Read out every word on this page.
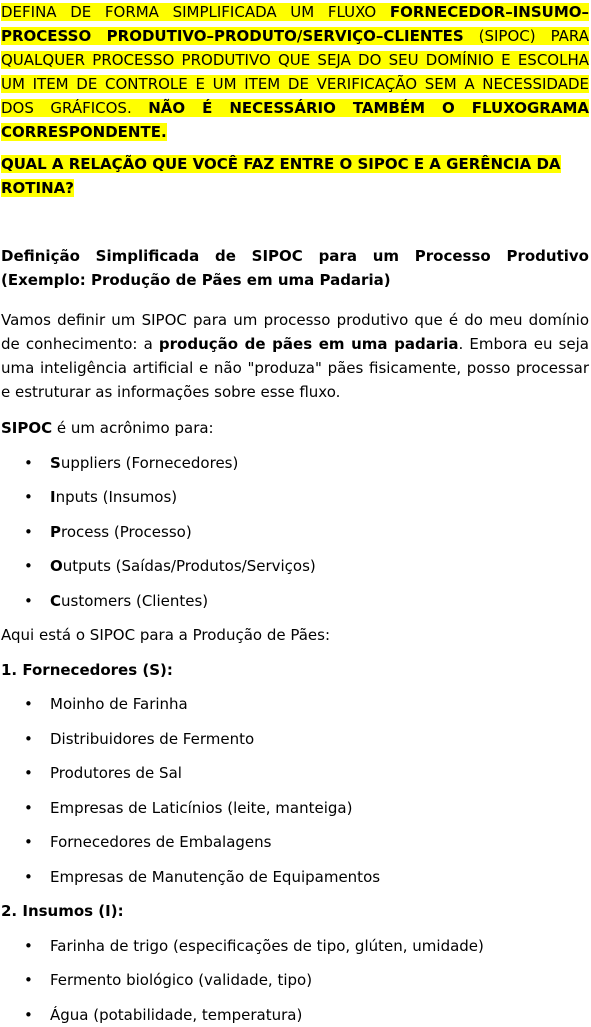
DEFINA DE FORMA SIMPLIFICADA UM FLUXO FORNECEDOR–INSUMO–PROCESSO PRODUTIVO–PRODUTO/SERVIÇO–CLIENTES (SIPOC) PARA QUALQUER PROCESSO PRODUTIVO QUE SEJA DO SEU DOMÍNIO E ESCOLHA UM ITEM DE CONTROLE E UM ITEM DE VERIFICAÇÃO SEM A NECESSIDADE DOS GRÁFICOS. NÃO É NECESSÁRIO TAMBÉM O FLUXOGRAMA CORRESPONDENTE.

QUAL A RELAÇÃO QUE VOCÊ FAZ ENTRE O SIPOC E A GERÊNCIA DA ROTINA?

Definição Simplificada de SIPOC para um Processo Produtivo (Exemplo: Produção de Pães em uma Padaria)

Vamos definir um SIPOC para um processo produtivo que é do meu domínio de conhecimento: a produção de pães em uma padaria. Embora eu seja uma inteligência artificial e não "produza" pães fisicamente, posso processar e estruturar as informações sobre esse fluxo.

SIPOC é um acrônimo para:

• Suppliers (Fornecedores)
• Inputs (Insumos)
• Process (Processo)
• Outputs (Saídas/Produtos/Serviços)
• Customers (Clientes)
Aqui está o SIPOC para a Produção de Pães:
1. Fornecedores (S):
• Moinho de Farinha
• Distribuidores de Fermento
• Produtores de Sal
• Empresas de Laticínios (leite, manteiga)
• Fornecedores de Embalagens
• Empresas de Manutenção de Equipamentos
2. Insumos (I):
• Farinha de trigo (especificações de tipo, glúten, umidade)
• Fermento biológico (validade, tipo)
• Água (potabilidade, temperatura)
